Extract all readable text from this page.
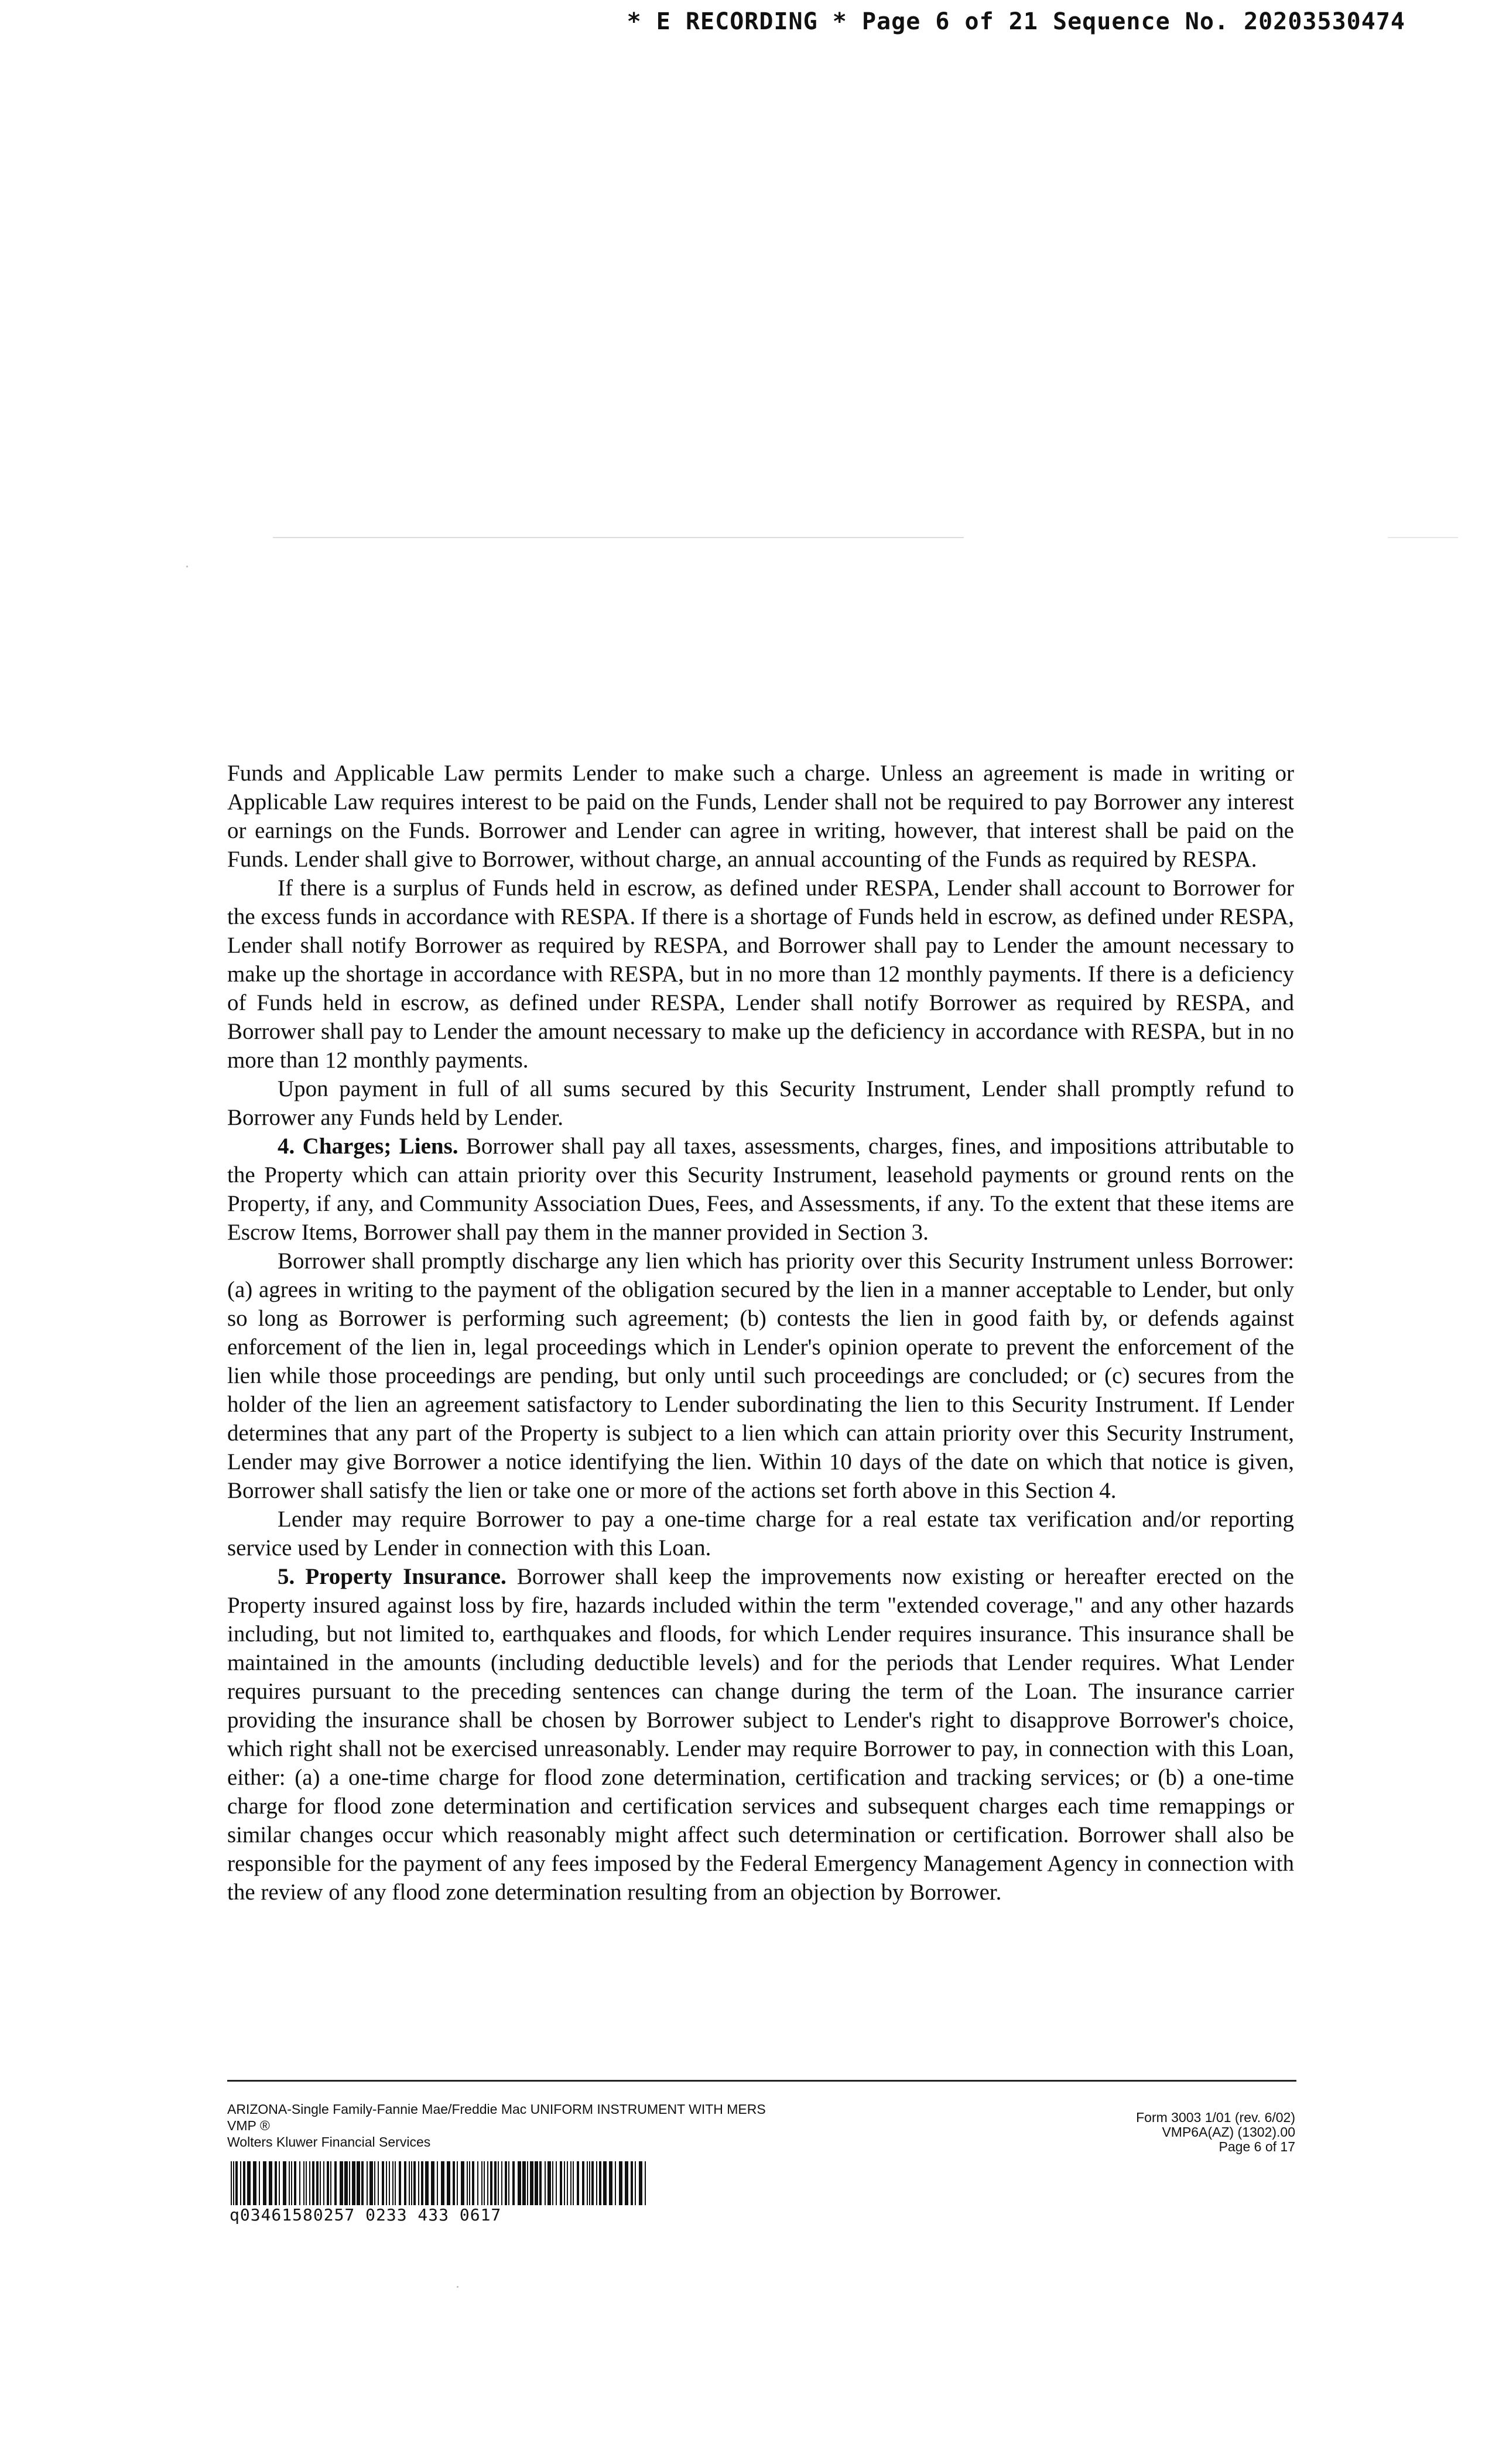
* E RECORDING * Page 6 of 21 Sequence No. 20203530474

Funds and Applicable Law permits Lender to make such a charge. Unless an agreement is made in writing or Applicable Law requires interest to be paid on the Funds, Lender shall not be required to pay Borrower any interest or earnings on the Funds. Borrower and Lender can agree in writing, however, that interest shall be paid on the Funds. Lender shall give to Borrower, without charge, an annual accounting of the Funds as required by RESPA.

If there is a surplus of Funds held in escrow, as defined under RESPA, Lender shall account to Borrower for the excess funds in accordance with RESPA. If there is a shortage of Funds held in escrow, as defined under RESPA, Lender shall notify Borrower as required by RESPA, and Borrower shall pay to Lender the amount necessary to make up the shortage in accordance with RESPA, but in no more than 12 monthly payments. If there is a deficiency of Funds held in escrow, as defined under RESPA, Lender shall notify Borrower as required by RESPA, and Borrower shall pay to Lender the amount necessary to make up the deficiency in accordance with RESPA, but in no more than 12 monthly payments.

Upon payment in full of all sums secured by this Security Instrument, Lender shall promptly refund to Borrower any Funds held by Lender.

4. Charges; Liens. Borrower shall pay all taxes, assessments, charges, fines, and impositions attributable to the Property which can attain priority over this Security Instrument, leasehold payments or ground rents on the Property, if any, and Community Association Dues, Fees, and Assessments, if any. To the extent that these items are Escrow Items, Borrower shall pay them in the manner provided in Section 3.

Borrower shall promptly discharge any lien which has priority over this Security Instrument unless Borrower: (a) agrees in writing to the payment of the obligation secured by the lien in a manner acceptable to Lender, but only so long as Borrower is performing such agreement; (b) contests the lien in good faith by, or defends against enforcement of the lien in, legal proceedings which in Lender's opinion operate to prevent the enforcement of the lien while those proceedings are pending, but only until such proceedings are concluded; or (c) secures from the holder of the lien an agreement satisfactory to Lender subordinating the lien to this Security Instrument. If Lender determines that any part of the Property is subject to a lien which can attain priority over this Security Instrument, Lender may give Borrower a notice identifying the lien. Within 10 days of the date on which that notice is given, Borrower shall satisfy the lien or take one or more of the actions set forth above in this Section 4.

Lender may require Borrower to pay a one-time charge for a real estate tax verification and/or reporting service used by Lender in connection with this Loan.

5. Property Insurance. Borrower shall keep the improvements now existing or hereafter erected on the Property insured against loss by fire, hazards included within the term "extended coverage," and any other hazards including, but not limited to, earthquakes and floods, for which Lender requires insurance. This insurance shall be maintained in the amounts (including deductible levels) and for the periods that Lender requires. What Lender requires pursuant to the preceding sentences can change during the term of the Loan. The insurance carrier providing the insurance shall be chosen by Borrower subject to Lender's right to disapprove Borrower's choice, which right shall not be exercised unreasonably. Lender may require Borrower to pay, in connection with this Loan, either: (a) a one-time charge for flood zone determination, certification and tracking services; or (b) a one-time charge for flood zone determination and certification services and subsequent charges each time remappings or similar changes occur which reasonably might affect such determination or certification. Borrower shall also be responsible for the payment of any fees imposed by the Federal Emergency Management Agency in connection with the review of any flood zone determination resulting from an objection by Borrower.

ARIZONA-Single Family-Fannie Mae/Freddie Mac UNIFORM INSTRUMENT WITH MERS
VMP ®
Wolters Kluwer Financial Services
Form 3003 1/01 (rev. 6/02)
VMP6A(AZ) (1302).00
Page 6 of 17
q03461580257 0233 433 0617
